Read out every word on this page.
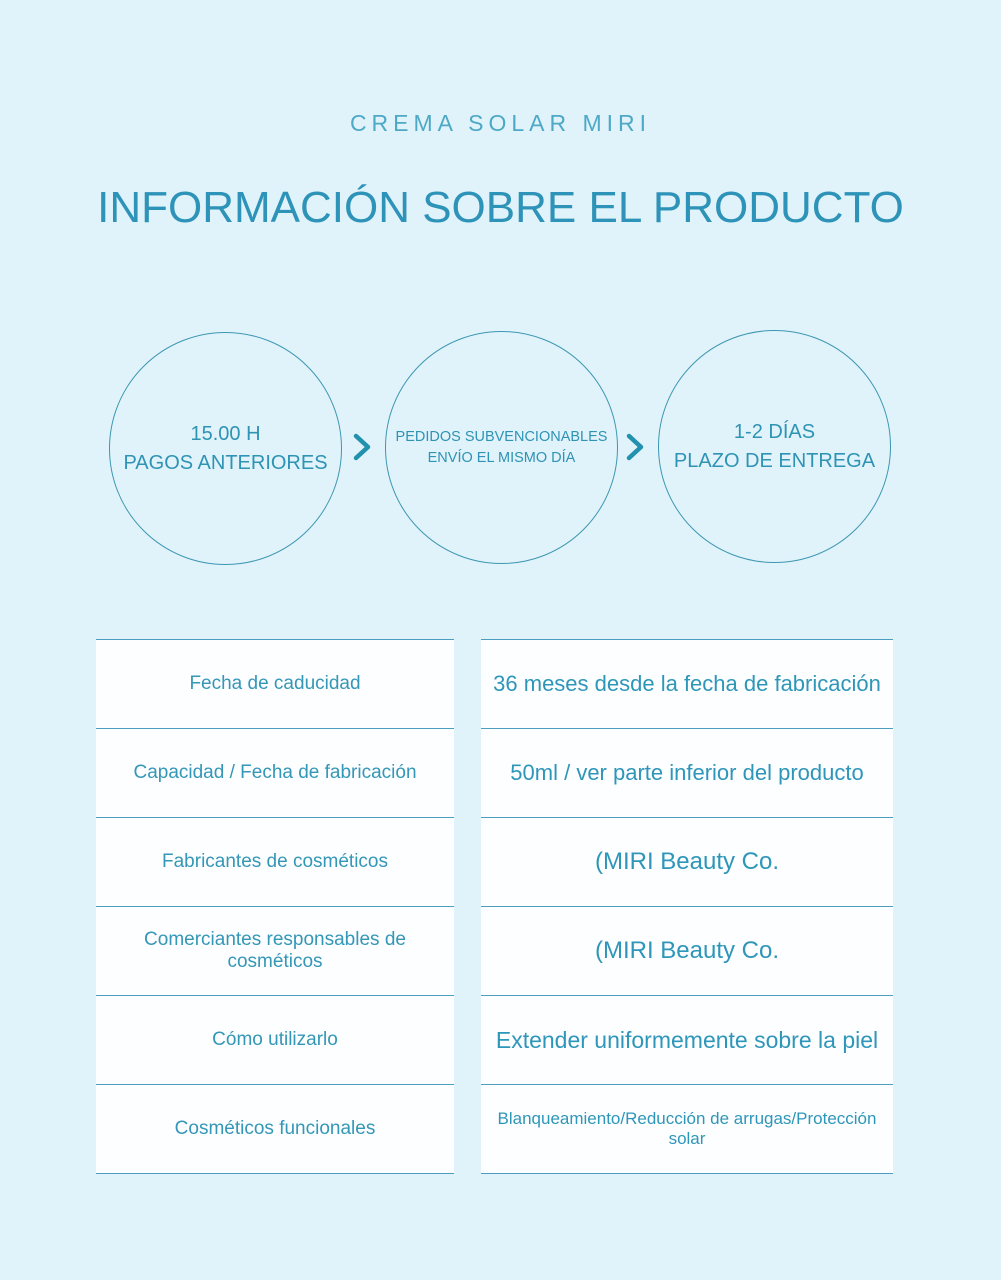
CREMA SOLAR MIRI
INFORMACIÓN SOBRE EL PRODUCTO
15.00 H
PAGOS ANTERIORES
PEDIDOS SUBVENCIONABLES
ENVÍO EL MISMO DÍA
1-2 DÍAS
PLAZO DE ENTREGA
Fecha de caducidad
Capacidad / Fecha de fabricación
Fabricantes de cosméticos
Comerciantes responsables de cosméticos
Cómo utilizarlo
Cosméticos funcionales
36 meses desde la fecha de fabricación
50ml / ver parte inferior del producto
(MIRI Beauty Co.
(MIRI Beauty Co.
Extender uniformemente sobre la piel
Blanqueamiento/Reducción de arrugas/Protección solar
